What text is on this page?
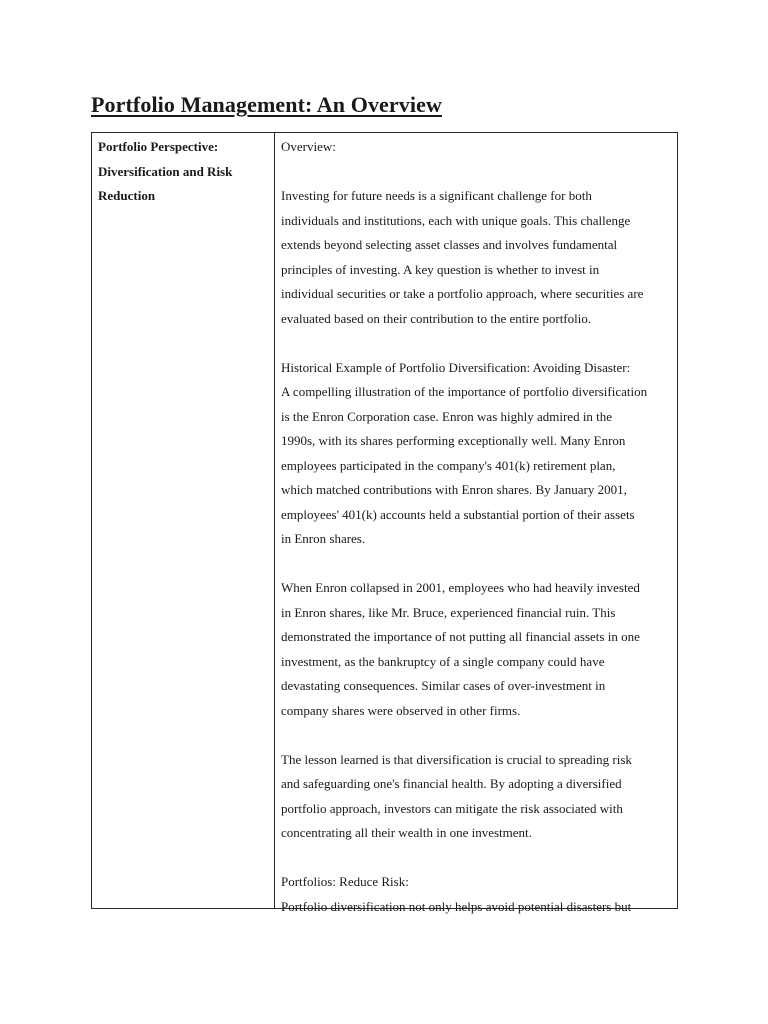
Portfolio Management: An Overview

Portfolio Perspective:

Diversification and Risk

Reduction

Overview:
Investing for future needs is a significant challenge for both
individuals and institutions, each with unique goals. This challenge
extends beyond selecting asset classes and involves fundamental
principles of investing. A key question is whether to invest in
individual securities or take a portfolio approach, where securities are
evaluated based on their contribution to the entire portfolio.
Historical Example of Portfolio Diversification: Avoiding Disaster:
A compelling illustration of the importance of portfolio diversification
is the Enron Corporation case. Enron was highly admired in the
1990s, with its shares performing exceptionally well. Many Enron
employees participated in the company's 401(k) retirement plan,
which matched contributions with Enron shares. By January 2001,
employees' 401(k) accounts held a substantial portion of their assets
in Enron shares.
When Enron collapsed in 2001, employees who had heavily invested
in Enron shares, like Mr. Bruce, experienced financial ruin. This
demonstrated the importance of not putting all financial assets in one
investment, as the bankruptcy of a single company could have
devastating consequences. Similar cases of over-investment in
company shares were observed in other firms.
The lesson learned is that diversification is crucial to spreading risk
and safeguarding one's financial health. By adopting a diversified
portfolio approach, investors can mitigate the risk associated with
concentrating all their wealth in one investment.
Portfolios: Reduce Risk:
Portfolio diversification not only helps avoid potential disasters but
